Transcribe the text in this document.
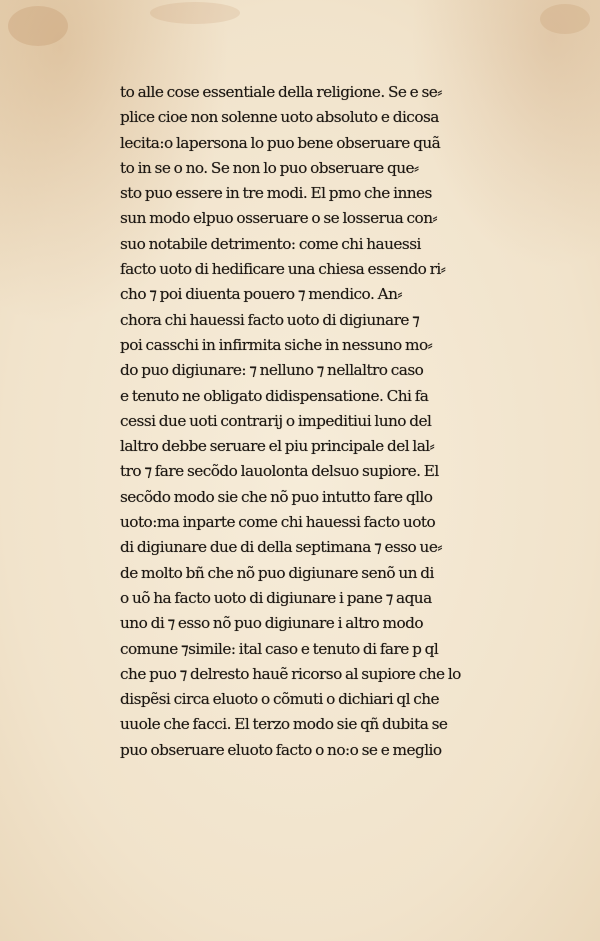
to alle cose essentiale della religione. Se e se⸗
plice cioe non solenne uoto absoluto e dicosa
lecita:o lapersona lo puo bene obseruare quã
to in se o no. Se non lo puo obseruare que⸗
sto puo essere in tre modi. El pmo che innes
sun modo elpuo osseruare o se losserua con⸗
suo notabile detrimento: come chi hauessi
facto uoto di hedificare una chiesa essendo ri⸗
cho ⁊ poi diuenta pouero ⁊ mendico. An⸗
chora chi hauessi facto uoto di digiunare ⁊
poi casschi in infirmita siche in nessuno mo⸗
do puo digiunare: ⁊ nelluno ⁊ nellaltro caso
e tenuto ne obligato didispensatione. Chi fa
cessi due uoti contrarij o impeditiui luno del
laltro debbe seruare el piu principale del lal⸗
tro ⁊ fare secõdo lauolonta delsuo supiore. El
secõdo modo sie che nõ puo intutto fare qllo
uoto:ma inparte come chi hauessi facto uoto
di digiunare due di della septimana ⁊ esso ue⸗
de molto bñ che nõ puo digiunare senõ un di
o uõ ha facto uoto di digiunare i pane ⁊ aqua
uno di ⁊ esso nõ puo digiunare i altro modo
comune ⁊simile: ital caso e tenuto di fare p ql
che puo ⁊ delresto hauẽ ricorso al supiore che lo
dispẽsi circa eluoto o cõmuti o dichiari ql che
uuole che facci. El terzo modo sie qñ dubita se
puo obseruare eluoto facto o no:o se e meglio
